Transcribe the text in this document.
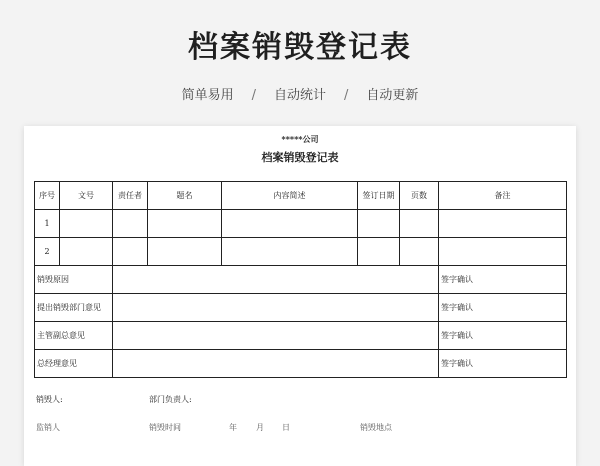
档案销毁登记表
简单易用 / 自动统计 / 自动更新
*****公司
档案销毁登记表
序号	文号	责任者	题名	内容简述	签订日期	页数	备注
1							
2							
销毁原因							签字确认
提出销毁部门意见							签字确认
主管副总意见							签字确认
总经理意见							签字确认
销毁人:	部门负责人:
监销人	销毁时间	年 月 日	销毁地点
